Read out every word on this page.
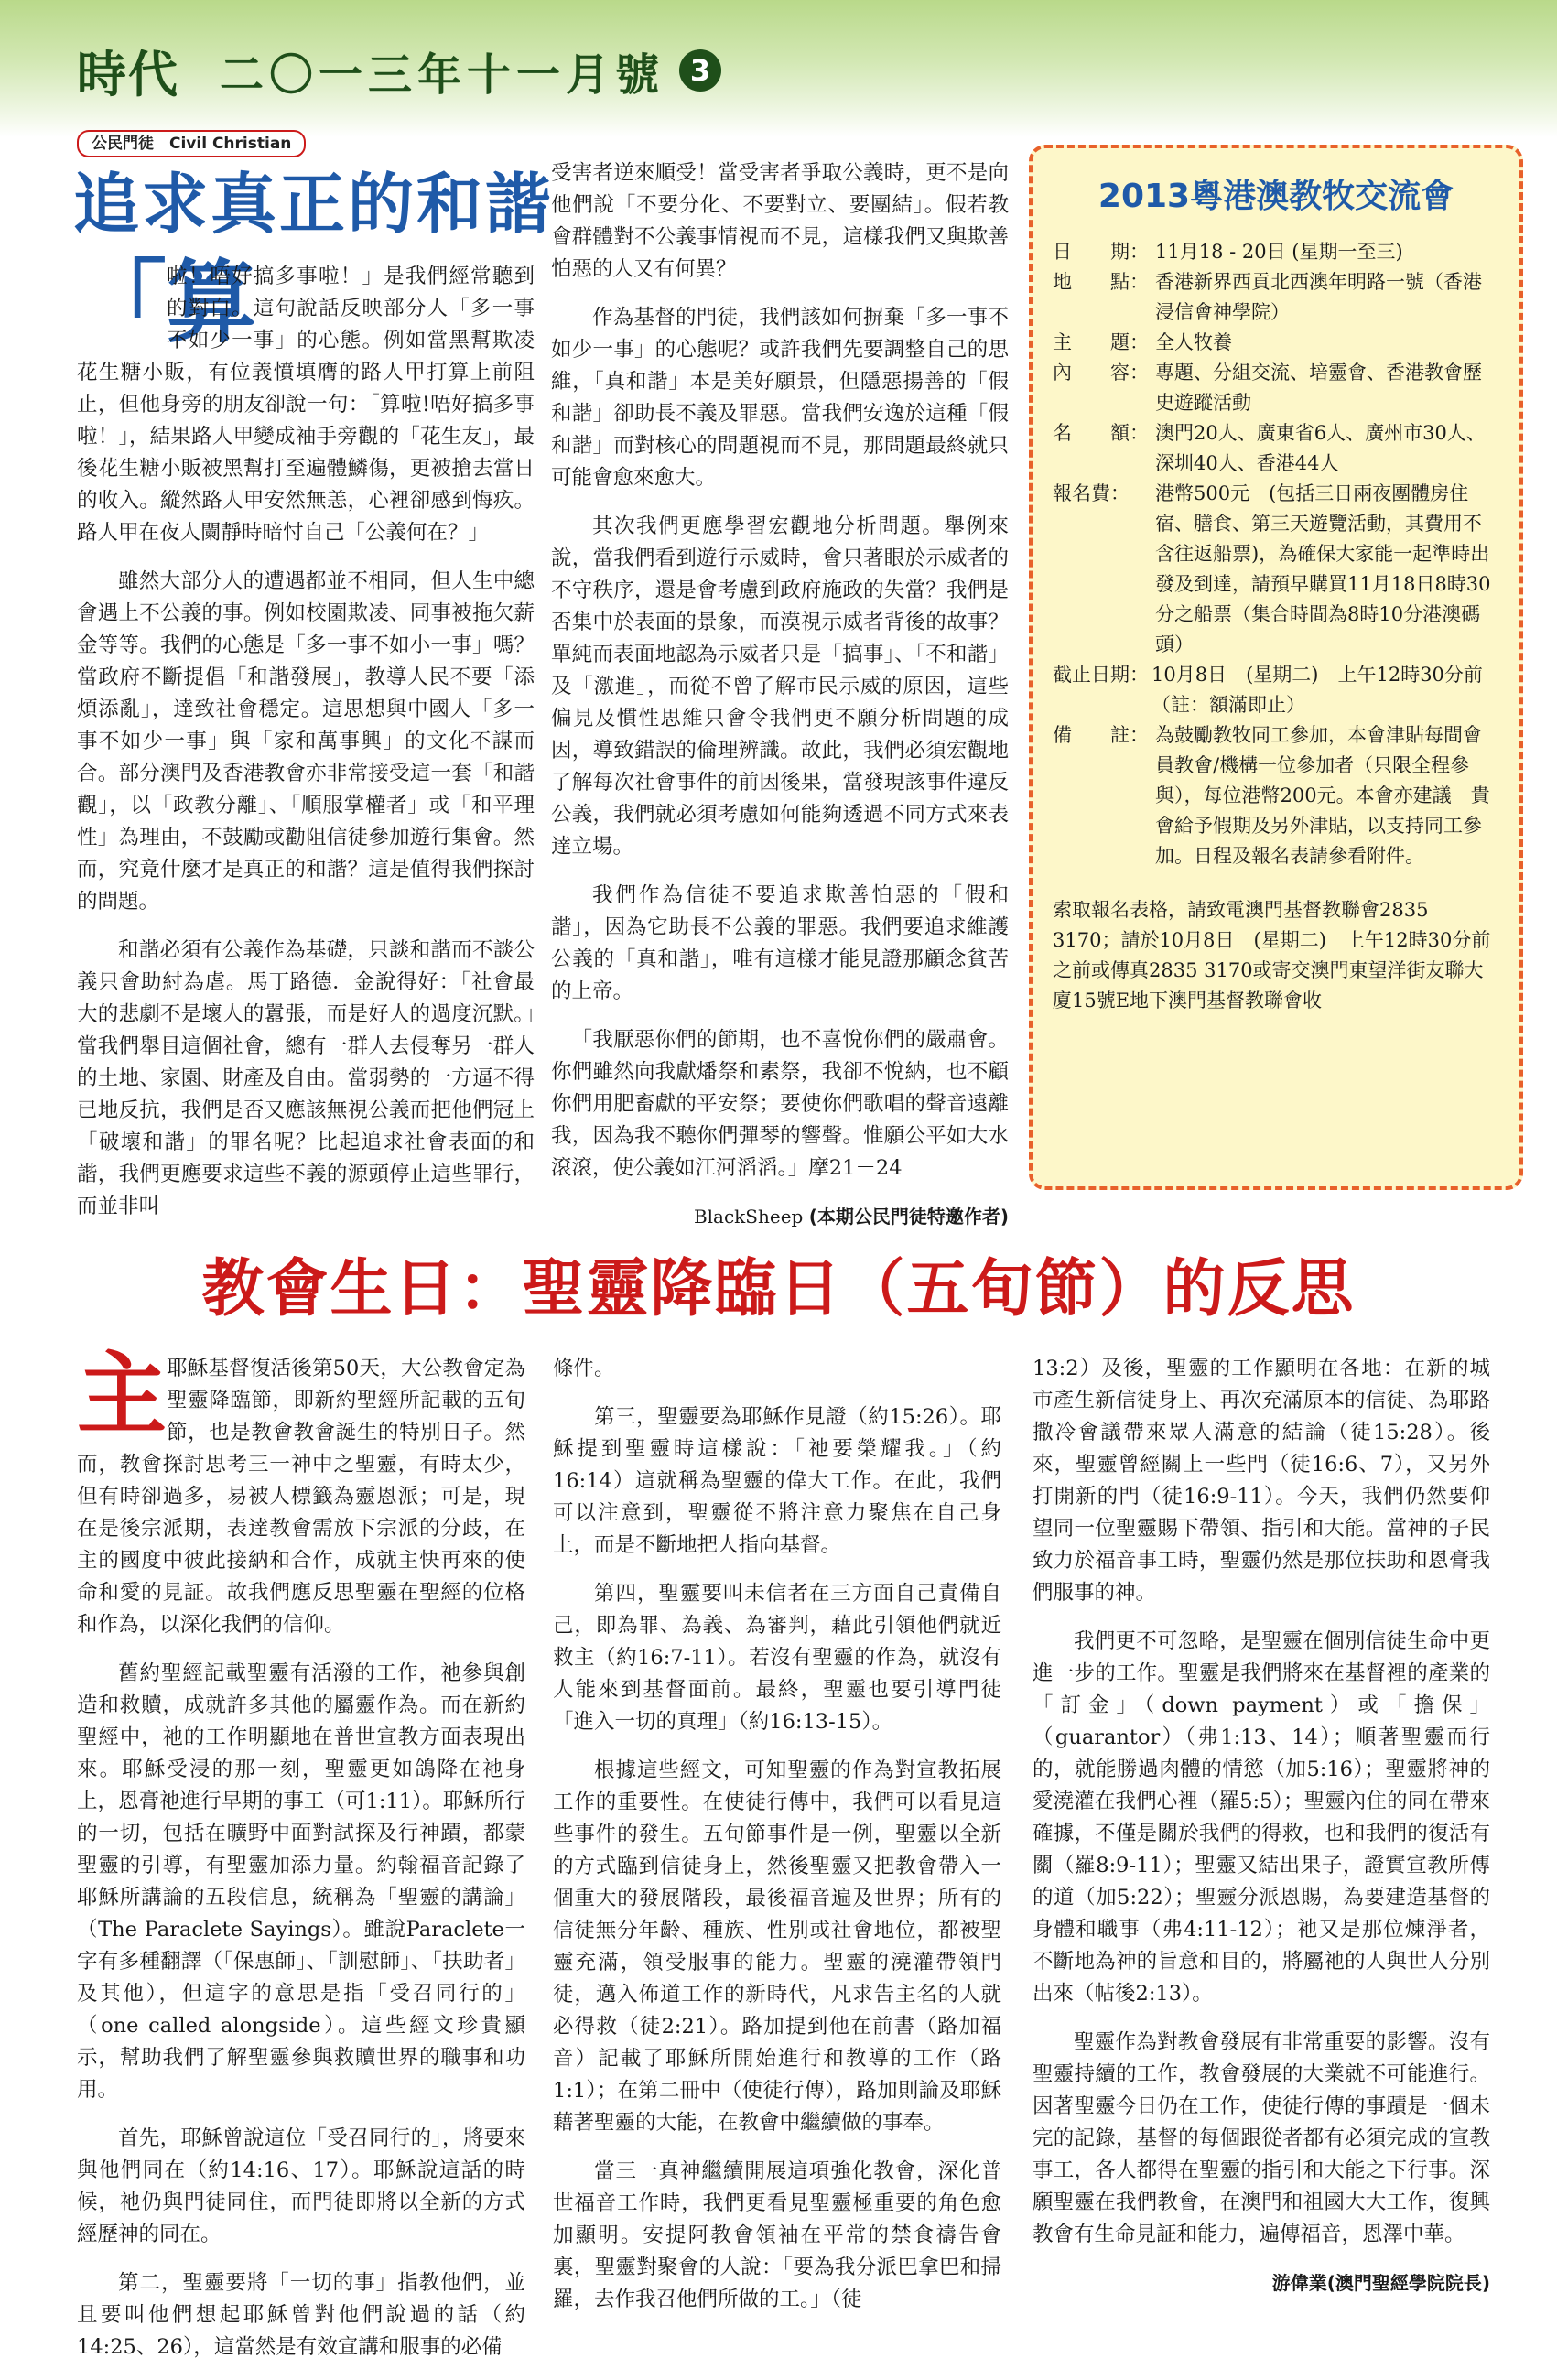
時代 二〇一三年十一月號 3
公民門徒　Civil Christian
追求真正的和諧

「算
啦！唔好搞多事啦！」是我們經常聽到的對白。這句說話反映部分人「多一事不如少一事」的心態。例如當黑幫欺凌花生糖小販，有位義憤填膺的路人甲打算上前阻止，但他身旁的朋友卻說一句：「算啦!唔好搞多事啦！」，結果路人甲變成袖手旁觀的「花生友」，最後花生糖小販被黑幫打至遍體鱗傷，更被搶去當日的收入。縱然路人甲安然無恙，心裡卻感到悔疚。路人甲在夜人闌靜時暗忖自己「公義何在？」

雖然大部分人的遭遇都並不相同，但人生中總會遇上不公義的事。例如校園欺凌、同事被拖欠薪金等等。我們的心態是「多一事不如小一事」嗎？當政府不斷提倡「和諧發展」，教導人民不要「添煩添亂」，達致社會穩定。這思想與中國人「多一事不如少一事」與「家和萬事興」的文化不謀而合。部分澳門及香港教會亦非常接受這一套「和諧觀」，以「政教分離」、「順服掌權者」或「和平理性」為理由，不鼓勵或勸阻信徒參加遊行集會。然而，究竟什麼才是真正的和諧？這是值得我們探討的問題。

和諧必須有公義作為基礎，只談和諧而不談公義只會助紂為虐。馬丁路德．金說得好：「社會最大的悲劇不是壞人的囂張，而是好人的過度沉默。」當我們舉目這個社會，總有一群人去侵奪另一群人的土地、家園、財產及自由。當弱勢的一方逼不得已地反抗，我們是否又應該無視公義而把他們冠上「破壞和諧」的罪名呢？比起追求社會表面的和諧，我們更應要求這些不義的源頭停止這些罪行，而並非叫

受害者逆來順受！當受害者爭取公義時，更不是向他們說「不要分化、不要對立、要團結」。假若教會群體對不公義事情視而不見，這樣我們又與欺善怕惡的人又有何異？

作為基督的門徒，我們該如何摒棄「多一事不如少一事」的心態呢？或許我們先要調整自己的思維，「真和諧」本是美好願景，但隱惡揚善的「假和諧」卻助長不義及罪惡。當我們安逸於這種「假和諧」而對核心的問題視而不見，那問題最終就只可能會愈來愈大。

其次我們更應學習宏觀地分析問題。舉例來說，當我們看到遊行示威時，會只著眼於示威者的不守秩序，還是會考慮到政府施政的失當？我們是否集中於表面的景象，而漠視示威者背後的故事？單純而表面地認為示威者只是「搞事」、「不和諧」及「激進」，而從不曾了解市民示威的原因，這些偏見及慣性思維只會令我們更不願分析問題的成因，導致錯誤的倫理辨識。故此，我們必須宏觀地了解每次社會事件的前因後果，當發現該事件違反公義，我們就必須考慮如何能夠透過不同方式來表達立場。

我們作為信徒不要追求欺善怕惡的「假和諧」，因為它助長不公義的罪惡。我們要追求維護公義的「真和諧」，唯有這樣才能見證那顧念貧苦的上帝。

「我厭惡你們的節期，也不喜悅你們的嚴肅會。你們雖然向我獻燔祭和素祭，我卻不悅納，也不顧你們用肥畜獻的平安祭；要使你們歌唱的聲音遠離我，因為我不聽你們彈琴的響聲。惟願公平如大水滾滾，使公義如江河滔滔。」摩21－24

BlackSheep (本期公民門徒特邀作者)
2013粵港澳教牧交流會
日　　期： 11月18 - 20日 (星期一至三)
地　　點： 香港新界西貢北西澳年明路一號（香港浸信會神學院）
主　　題： 全人牧養
內　　容： 專題、分組交流、培靈會、香港教會歷史遊蹤活動
名　　額： 澳門20人、廣東省6人、廣州市30人、深圳40人、香港44人
報名費：	港幣500元　(包括三日兩夜團體房住宿、膳食、第三天遊覽活動，其費用不含往返船票)，為確保大家能一起準時出發及到達，請預早購買11月18日8時30分之船票（集合時間為8時10分港澳碼頭）
截止日期： 10月8日　(星期二)　上午12時30分前（註：額滿即止）
備　　註： 為鼓勵教牧同工參加，本會津貼每間會員教會/機構一位參加者（只限全程參與），每位港幣200元。本會亦建議　貴會給予假期及另外津貼，以支持同工參加。日程及報名表請參看附件。
索取報名表格，請致電澳門基督教聯會2835 3170；請於10月8日　(星期二)　上午12時30分前之前或傳真2835 3170或寄交澳門東望洋街友聯大廈15號E地下澳門基督教聯會收
教會生日：聖靈降臨日（五旬節）的反思

主耶穌基督復活後第50天，大公教會定為聖靈降臨節，即新約聖經所記載的五旬節，也是教會教會誕生的特別日子。然而，教會探討思考三一神中之聖靈，有時太少，但有時卻過多，易被人標籤為靈恩派；可是，現在是後宗派期，表達教會需放下宗派的分歧，在主的國度中彼此接納和合作，成就主快再來的使命和愛的見証。故我們應反思聖靈在聖經的位格和作為，以深化我們的信仰。

舊約聖經記載聖靈有活潑的工作，祂參與創造和救贖，成就許多其他的屬靈作為。而在新約聖經中，祂的工作明顯地在普世宣教方面表現出來。耶穌受浸的那一刻，聖靈更如鴿降在祂身上，恩膏祂進行早期的事工（可1:11）。耶穌所行的一切，包括在曠野中面對試探及行神蹟，都蒙聖靈的引導，有聖靈加添力量。約翰福音記錄了耶穌所講論的五段信息，統稱為「聖靈的講論」（The Paraclete Sayings）。雖說Paraclete一字有多種翻譯（「保惠師」、「訓慰師」、「扶助者」及其他），但這字的意思是指「受召同行的」（one called alongside）。這些經文珍貴顯示，幫助我們了解聖靈參與救贖世界的職事和功用。

首先，耶穌曾說這位「受召同行的」，將要來與他們同在（約14:16、17）。耶穌說這話的時候，祂仍與門徒同住，而門徒即將以全新的方式經歷神的同在。

第二，聖靈要將「一切的事」指教他們，並且要叫他們想起耶穌曾對他們說過的話（約14:25、26），這當然是有效宣講和服事的必備

條件。

第三，聖靈要為耶穌作見證（約15:26）。耶穌提到聖靈時這樣說：「祂要榮耀我。」（約16:14）這就稱為聖靈的偉大工作。在此，我們可以注意到，聖靈從不將注意力聚焦在自己身上，而是不斷地把人指向基督。

第四，聖靈要叫未信者在三方面自己責備自己，即為罪、為義、為審判，藉此引領他們就近救主（約16:7-11）。若沒有聖靈的作為，就沒有人能來到基督面前。最終，聖靈也要引導門徒「進入一切的真理」（約16:13-15）。

根據這些經文，可知聖靈的作為對宣教拓展工作的重要性。在使徒行傳中，我們可以看見這些事件的發生。五旬節事件是一例，聖靈以全新的方式臨到信徒身上，然後聖靈又把教會帶入一個重大的發展階段，最後福音遍及世界；所有的信徒無分年齡、種族、性別或社會地位，都被聖靈充滿，領受服事的能力。聖靈的澆灌帶領門徒，邁入佈道工作的新時代，凡求告主名的人就必得救（徒2:21）。路加提到他在前書（路加福音）記載了耶穌所開始進行和教導的工作（路1:1）；在第二冊中（使徒行傳），路加則論及耶穌藉著聖靈的大能，在教會中繼續做的事奉。

當三一真神繼續開展這項強化教會，深化普世福音工作時，我們更看見聖靈極重要的角色愈加顯明。安提阿教會領袖在平常的禁食禱告會裏，聖靈對聚會的人說：「要為我分派巴拿巴和掃羅，去作我召他們所做的工。」（徒

13:2）及後，聖靈的工作顯明在各地：在新的城市產生新信徒身上、再次充滿原本的信徒、為耶路撒冷會議帶來眾人滿意的結論（徒15:28）。後來，聖靈曾經關上一些門（徒16:6、7），又另外打開新的門（徒16:9-11）。今天，我們仍然要仰望同一位聖靈賜下帶領、指引和大能。當神的子民致力於福音事工時，聖靈仍然是那位扶助和恩膏我們服事的神。

我們更不可忽略，是聖靈在個別信徒生命中更進一步的工作。聖靈是我們將來在基督裡的產業的「訂金」（down payment）或「擔保」（guarantor）（弗1:13、14）；順著聖靈而行的，就能勝過肉體的情慾（加5:16）；聖靈將神的愛澆灌在我們心裡（羅5:5）；聖靈內住的同在帶來確據，不僅是關於我們的得救，也和我們的復活有關（羅8:9-11）；聖靈又結出果子，證實宣教所傳的道（加5:22）；聖靈分派恩賜，為要建造基督的身體和職事（弗4:11-12）；祂又是那位煉淨者，不斷地為神的旨意和目的，將屬祂的人與世人分別出來（帖後2:13）。

聖靈作為對教會發展有非常重要的影響。沒有聖靈持續的工作，教會發展的大業就不可能進行。因著聖靈今日仍在工作，使徒行傳的事蹟是一個未完的記錄，基督的每個跟從者都有必須完成的宣教事工，各人都得在聖靈的指引和大能之下行事。深願聖靈在我們教會，在澳門和祖國大大工作，復興教會有生命見証和能力，遍傳福音，恩澤中華。

游偉業(澳門聖經學院院長)
